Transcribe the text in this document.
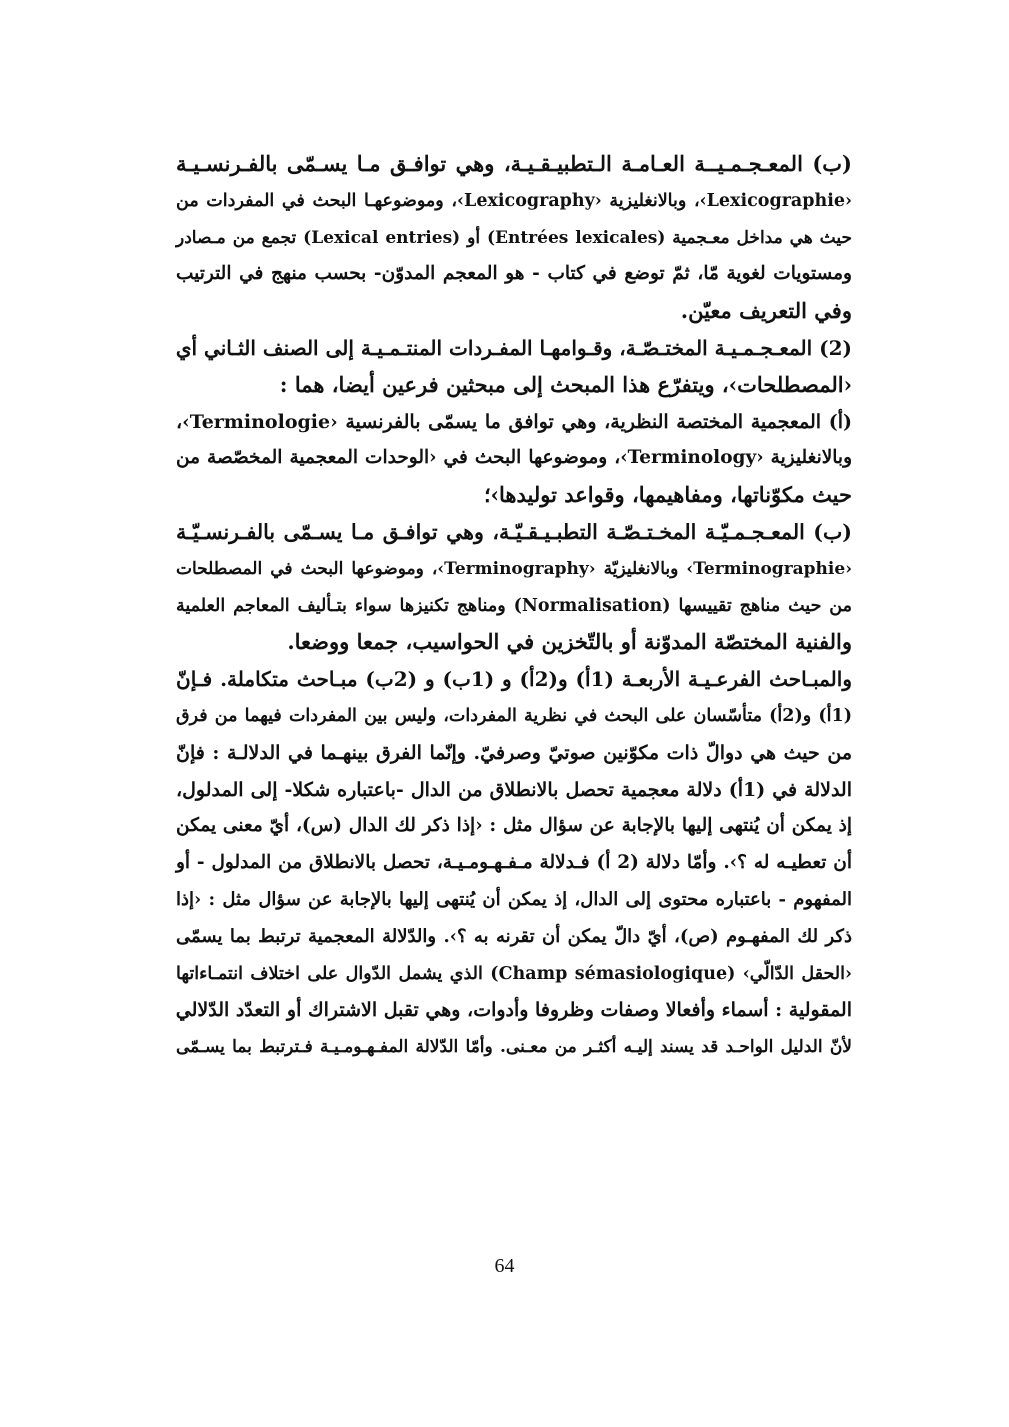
(ب) المعـجـمـيــة العـامـة الـتطبيـقـيـة، وهي توافـق مـا يسـمّى بالفـرنسـيـة
‹Lexicographie›، وبالانغليزية ‹Lexicography›، وموضوعهـا البحث في المفردات من
حيث هي مداخل معـجمية (Entrées lexicales) أو (Lexical entries) تجمع من مـصادر
ومستويات لغوية مّا، ثمّ توضع في كتاب - هو المعجم المدوّن- بحسب منهج في الترتيب
وفي التعريف معيّن.
(2) المعـجـمـيـة المختـصّـة، وقـوامهـا المفـردات المنتـمـيـة إلى الصنف الثـاني أي
‹المصطلحات›، ويتفرّع هذا المبحث إلى مبحثين فرعين أيضا، هما :
(أ) المعجمية المختصة النظرية، وهي توافق ما يسمّى بالفرنسية ‹Terminologie›،
وبالانغليزية ‹Terminology›، وموضوعها البحث في ‹الوحدات المعجمية المخصّصة من
حيث مكوّناتها، ومفاهيمها، وقواعد توليدها›؛
(ب) المعـجـمـيّـة المخـتـصّـة التطبـيـقـيّـة، وهي توافـق مـا يسـمّى بالفـرنسـيّـة
‹Terminographie› وبالانغليزيّة ‹Terminography›، وموضوعها البحث في المصطلحات
من حيث مناهج تقييسها (Normalisation) ومناهج تكنيزها سواء بتـأليف المعاجم العلمية
والفنية المختصّة المدوّنة أو بالتّخزين في الحواسيب، جمعا ووضعا.
والمبـاحث الفرعـيـة الأربعـة (1أ) و(2أ) و (1ب) و (2ب) مبـاحث متكاملة. فـإنّ
(1أ) و(2أ) متأسّسان على البحث في نظرية المفردات، وليس بين المفردات فيهما من فرق
من حيث هي دوالّ ذات مكوّنين صوتيّ وصرفيّ. وإنّما الفرق بينهـما في الدلالـة : فإنّ
الدلالة في (1أ) دلالة معجمية تحصل بالانطلاق من الدال -باعتباره شكلا- إلى المدلول،
إذ يمكن أن يُنتهى إليها بالإجابة عن سؤال مثل : ‹إذا ذكر لك الدال (س)، أيّ معنى يمكن
أن تعطيـه له ؟›. وأمّا دلالة (2 أ) فـدلالة مـفـهـومـيـة، تحصل بالانطلاق من المدلول - أو
المفهوم - باعتباره محتوى إلى الدال، إذ يمكن أن يُنتهى إليها بالإجابة عن سؤال مثل : ‹إذا
ذكر لك المفهـوم (ص)، أيّ دالّ يمكن أن تقرنه به ؟›. والدّلالة المعجمية ترتبط بما يسمّى
‹الحقل الدّالّي› (Champ sémasiologique) الذي يشمل الدّوال على اختلاف انتمـاءاتها
المقولية : أسماء وأفعالا وصفات وظروفا وأدوات، وهي تقبل الاشتراك أو التعدّد الدّلالي
لأنّ الدليل الواحـد قد يسند إليـه أكثـر من معـنى. وأمّا الدّلالة المفـهـومـيـة فـترتبط بما يسـمّى
64
